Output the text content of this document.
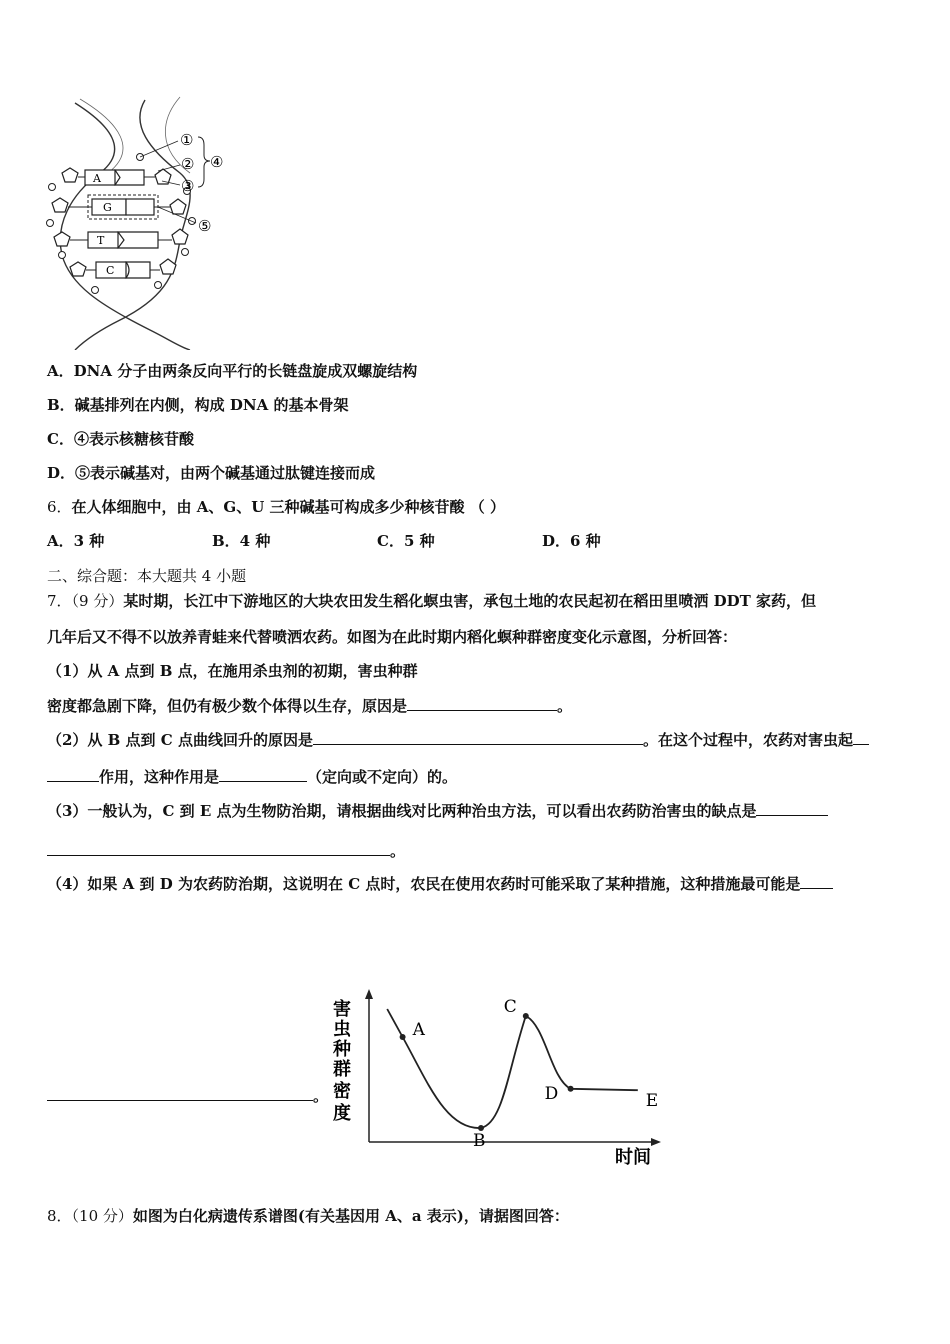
A
G
T
C
①
②
③
④
⑤
A．DNA 分子由两条反向平行的长链盘旋成双螺旋结构
B．碱基排列在内侧，构成 DNA 的基本骨架
C．④表示核糖核苷酸
D．⑤表示碱基对，由两个碱基通过肽键连接而成
6．在人体细胞中，由 A、G、U 三种碱基可构成多少种核苷酸 （ ）
A．3 种	B．4 种	C．5 种	D．6 种
二、综合题：本大题共 4 小题
7．（9 分）某时期，长江中下游地区的大块农田发生稻化螟虫害，承包土地的农民起初在稻田里喷洒 DDT 家药，但
几年后又不得不以放养青蛙来代替喷洒农药。如图为在此时期内稻化螟种群密度变化示意图，分析回答：
（1）从 A 点到 B 点，在施用杀虫剂的初期，害虫种群
密度都急剧下降，但仍有极少数个体得以生存，原因是	。
（2）从 B 点到 C 点曲线回升的原因是	。在这个过程中，农药对害虫起
作用，这种作用是	（定向或不定向）的。
（3）一般认为，C 到 E 点为生物防治期，请根据曲线对比两种治虫方法，可以看出农药防治害虫的缺点是
。
（4）如果 A 到 D 为农药防治期，这说明在 C 点时，农民在使用农药时可能采取了某种措施，这种措施最可能是
。
害
虫
种
群
密
度
时间
A
B
C
D	E
8．（10 分）如图为白化病遗传系谱图(有关基因用 A、a 表示)，请据图回答：
